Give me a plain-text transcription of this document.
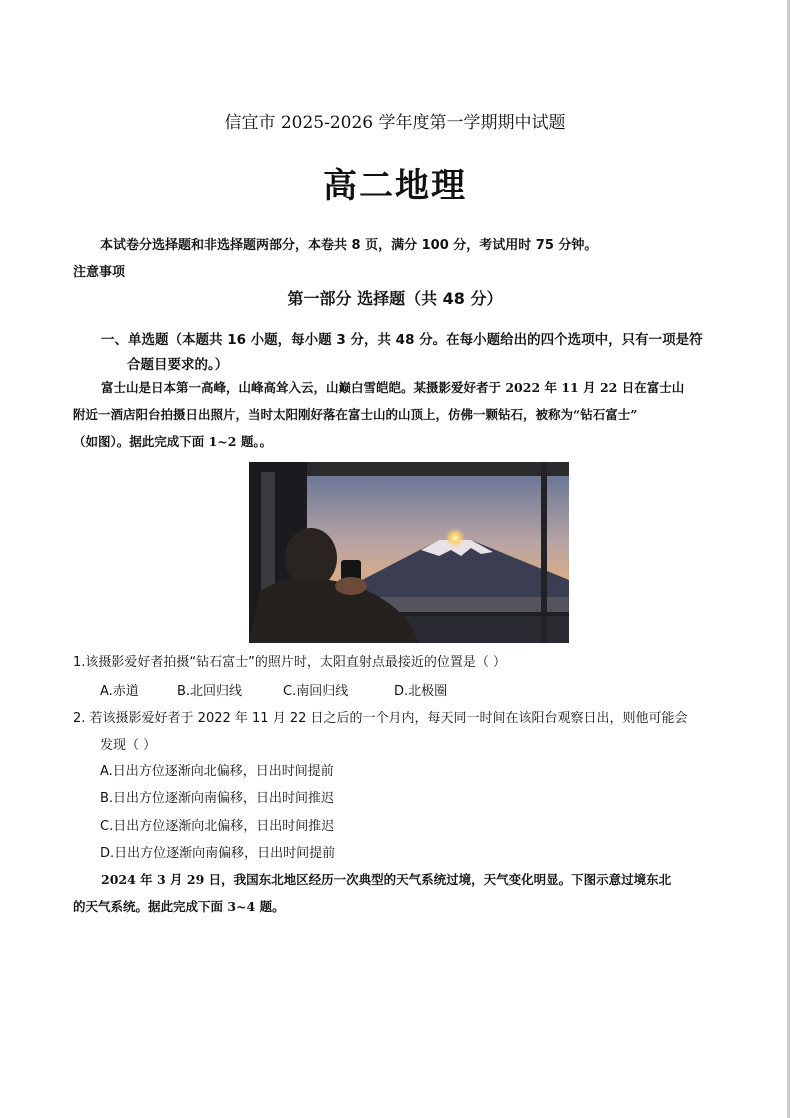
信宜市 2025-2026 学年度第一学期期中试题
高二地理
本试卷分选择题和非选择题两部分，本卷共 8 页，满分 100 分，考试用时 75 分钟。
注意事项
第一部分 选择题（共 48 分）
一、单选题（本题共 16 小题，每小题 3 分，共 48 分。在每小题给出的四个选项中，只有一项是符
合题目要求的。）
富士山是日本第一高峰，山峰高耸入云，山巅白雪皑皑。某摄影爱好者于 2022 年 11 月 22 日在富士山
附近一酒店阳台拍摄日出照片，当时太阳刚好落在富士山的山顶上，仿佛一颗钻石，被称为“钻石富士”
（如图）。据此完成下面 1~2 题。。
1.该摄影爱好者拍摄“钻石富士”的照片时，太阳直射点最接近的位置是（ ）
A.赤道	B.北回归线	C.南回归线	D.北极圈
2. 若该摄影爱好者于 2022 年 11 月 22 日之后的一个月内，每天同一时间在该阳台观察日出，则他可能会
发现（ ）
A.日出方位逐渐向北偏移，日出时间提前
B.日出方位逐渐向南偏移，日出时间推迟
C.日出方位逐渐向北偏移，日出时间推迟
D.日出方位逐渐向南偏移，日出时间提前
2024 年 3 月 29 日，我国东北地区经历一次典型的天气系统过境，天气变化明显。下图示意过境东北
的天气系统。据此完成下面 3~4 题。
